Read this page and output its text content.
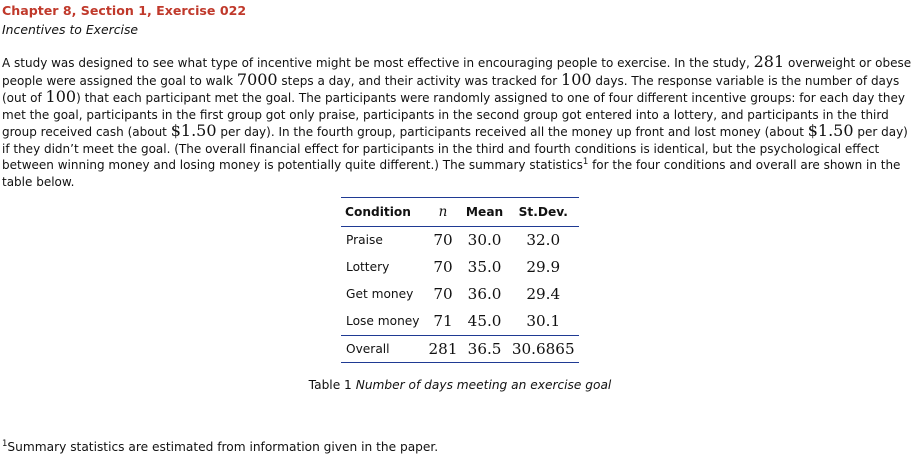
Chapter 8, Section 1, Exercise 022
Incentives to Exercise
A study was designed to see what type of incentive might be most effective in encouraging people to exercise. In the study, 281 overweight or obese people were assigned the goal to walk 7000 steps a day, and their activity was tracked for 100 days. The response variable is the number of days (out of 100) that each participant met the goal. The participants were randomly assigned to one of four different incentive groups: for each day they met the goal, participants in the first group got only praise, participants in the second group got entered into a lottery, and participants in the third group received cash (about $1.50 per day). In the fourth group, participants received all the money up front and lost money (about $1.50 per day) if they didn’t meet the goal. (The overall financial effect for participants in the third and fourth conditions is identical, but the psychological effect between winning money and losing money is potentially quite different.) The summary statistics$^1$ for the four conditions and overall are shown in the table below.
Condition	n	Mean	St.Dev.
Praise	70	30.0	32.0
Lottery	70	35.0	29.9
Get money	70	36.0	29.4
Lose money	71	45.0	30.1
Overall	281	36.5	30.6865
Table 1 Number of days meeting an exercise goal
$^1$Summary statistics are estimated from information given in the paper.
